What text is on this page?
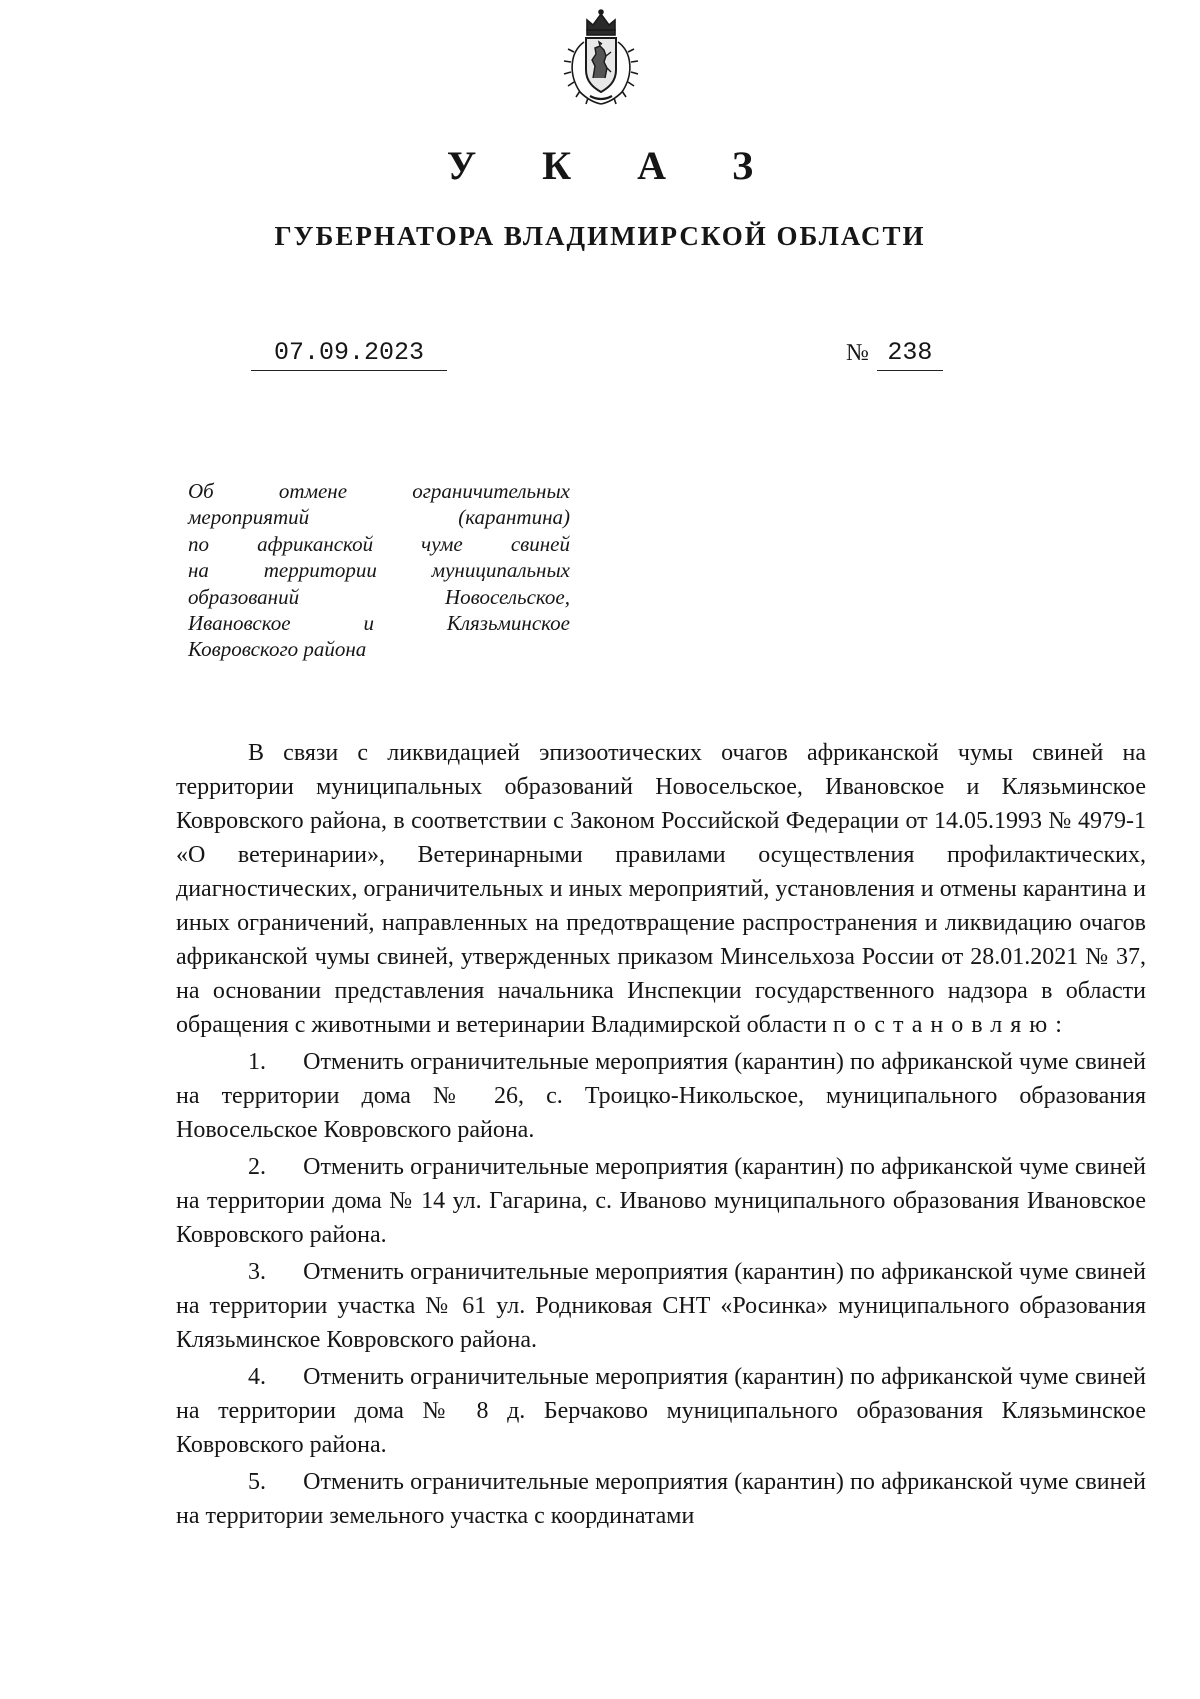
У К А З
ГУБЕРНАТОРА ВЛАДИМИРСКОЙ ОБЛАСТИ
07.09.2023	№ 238
Об отмене ограничительных
мероприятий (карантина)
по африканской чуме свиней
на территории муниципальных
образований Новосельское,
Ивановское и Клязьминское
Ковровского района

В связи с ликвидацией эпизоотических очагов африканской чумы свиней на территории муниципальных образований Новосельское, Ивановское и Клязьминское Ковровского района, в соответствии с Законом Российской Федерации от 14.05.1993 № 4979-1 «О ветеринарии», Ветеринарными правилами осуществления профилактических, диагностических, ограничительных и иных мероприятий, установления и отмены карантина и иных ограничений, направленных на предотвращение распространения и ликвидацию очагов африканской чумы свиней, утвержденных приказом Минсельхоза России от 28.01.2021 № 37, на основании представления начальника Инспекции государственного надзора в области обращения с животными и ветеринарии Владимирской области постановляю:

1. Отменить ограничительные мероприятия (карантин) по африканской чуме свиней на территории дома № 26, с. Троицко-Никольское, муниципального образования Новосельское Ковровского района.

2. Отменить ограничительные мероприятия (карантин) по африканской чуме свиней на территории дома № 14 ул. Гагарина, с. Иваново муниципального образования Ивановское Ковровского района.

3. Отменить ограничительные мероприятия (карантин) по африканской чуме свиней на территории участка № 61 ул. Родниковая СНТ «Росинка» муниципального образования Клязьминское Ковровского района.

4. Отменить ограничительные мероприятия (карантин) по африканской чуме свиней на территории дома № 8 д. Берчаково муниципального образования Клязьминское Ковровского района.

5. Отменить ограничительные мероприятия (карантин) по африканской чуме свиней на территории земельного участка с координатами
